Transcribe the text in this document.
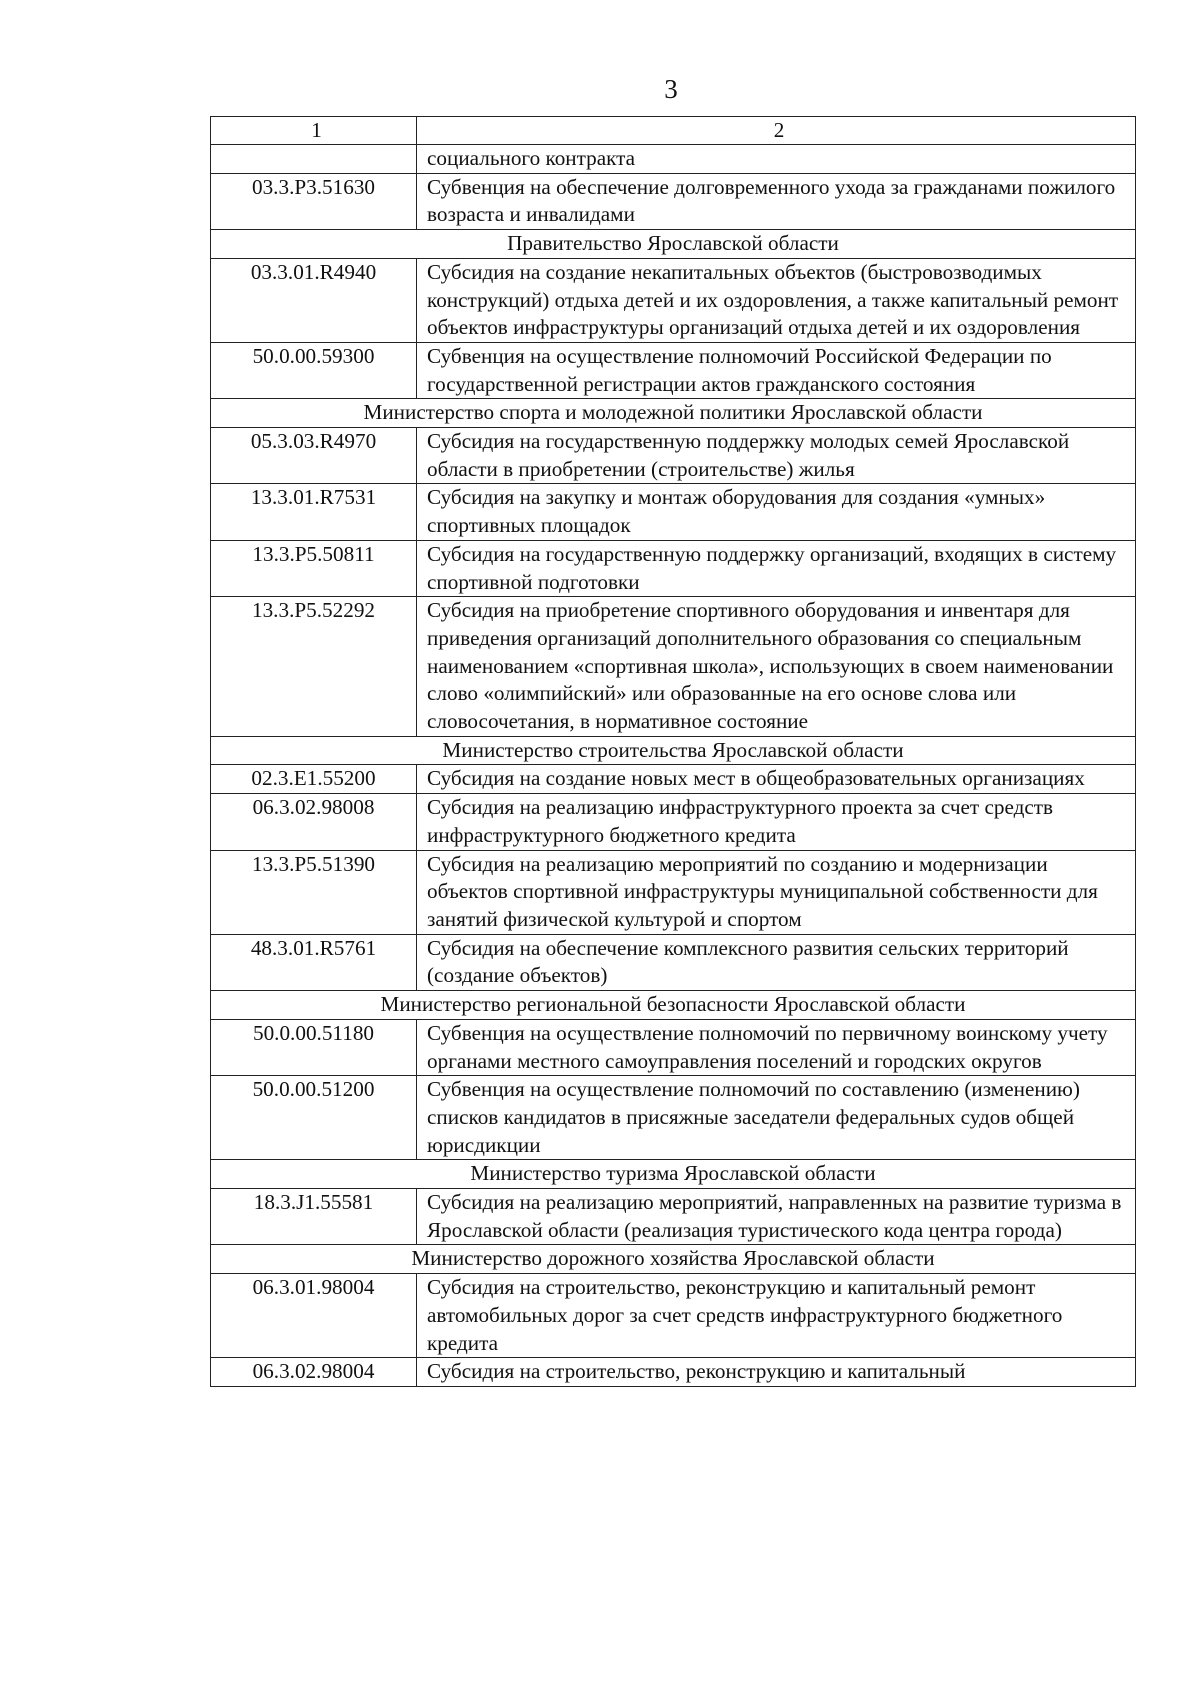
3
1	2
	социального контракта
03.3.P3.51630	Субвенция на обеспечение долговременного ухода за гражданами пожилого возраста и инвалидами
Правительство Ярославской области	
03.3.01.R4940	Субсидия на создание некапитальных объектов (быстровозводимых конструкций) отдыха детей и их оздоровления, а также капитальный ремонт объектов инфраструктуры организаций отдыха детей и их оздоровления
50.0.00.59300	Субвенция на осуществление полномочий Российской Федерации по государственной регистрации актов гражданского состояния
Министерство спорта и молодежной политики Ярославской области	
05.3.03.R4970	Субсидия на государственную поддержку молодых семей Ярославской области в приобретении (строительстве) жилья
13.3.01.R7531	Субсидия на закупку и монтаж оборудования для создания «умных» спортивных площадок
13.3.P5.50811	Субсидия на государственную поддержку организаций, входящих в систему спортивной подготовки
13.3.P5.52292	Субсидия на приобретение спортивного оборудования и инвентаря для приведения организаций дополнительного образования со специальным наименованием «спортивная школа», использующих в своем наименовании слово «олимпийский» или образованные на его основе слова или словосочетания, в нормативное состояние
Министерство строительства Ярославской области	
02.3.E1.55200	Субсидия на создание новых мест в общеобразовательных организациях
06.3.02.98008	Субсидия на реализацию инфраструктурного проекта за счет средств инфраструктурного бюджетного кредита
13.3.P5.51390	Субсидия на реализацию мероприятий по созданию и модернизации объектов спортивной инфраструктуры муниципальной собственности для занятий физической культурой и спортом
48.3.01.R5761	Субсидия на обеспечение комплексного развития сельских территорий (создание объектов)
Министерство региональной безопасности Ярославской области	
50.0.00.51180	Субвенция на осуществление полномочий по первичному воинскому учету органами местного самоуправления поселений и городских округов
50.0.00.51200	Субвенция на осуществление полномочий по составлению (изменению) списков кандидатов в присяжные заседатели федеральных судов общей юрисдикции
Министерство туризма Ярославской области	
18.3.J1.55581	Субсидия на реализацию мероприятий, направленных на развитие туризма в Ярославской области (реализация туристического кода центра города)
Министерство дорожного хозяйства Ярославской области	
06.3.01.98004	Субсидия на строительство, реконструкцию и капитальный ремонт автомобильных дорог за счет средств инфраструктурного бюджетного кредита
06.3.02.98004	Субсидия на строительство, реконструкцию и капитальный
